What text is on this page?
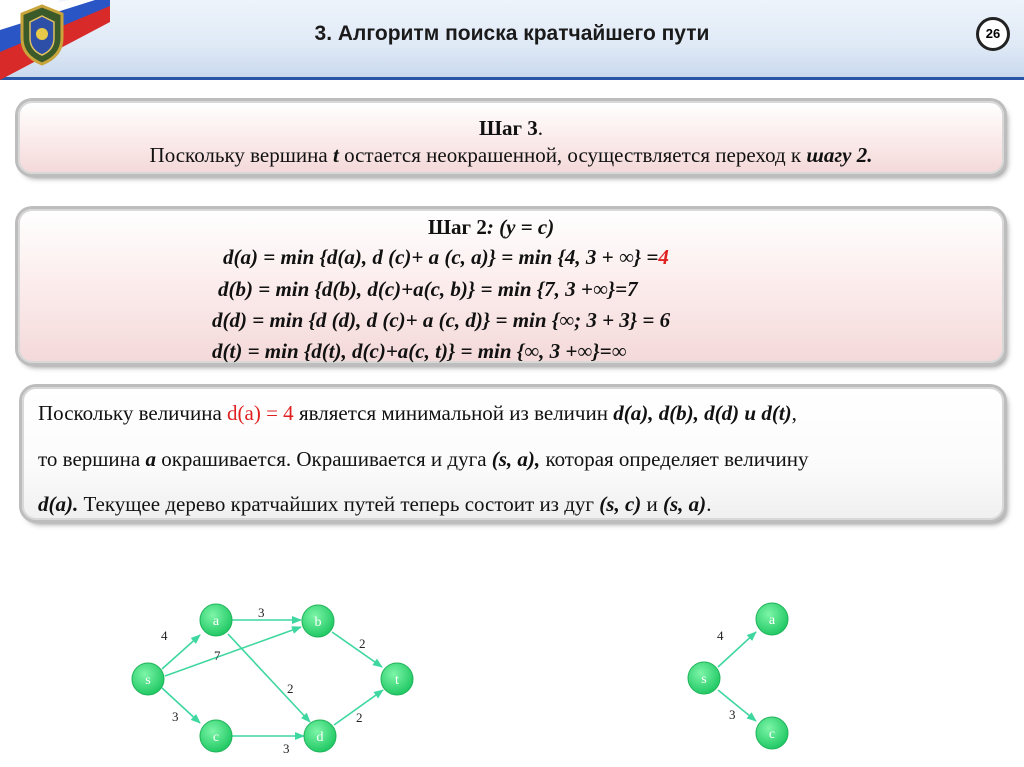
3. Алгоритм поиска кратчайшего пути	26
Шаг 3.
Поскольку вершина t остается неокрашенной, осуществляется переход к шагу 2.
Шаг 2: (y = c)
d(a) = min {d(a), d (c)+ a (c, a)} = min {4, 3 + ∞} =4
d(b) = min {d(b), d(c)+a(c, b)} = min {7, 3 +∞}=7
d(d) = min {d (d), d (c)+ a (c, d)} = min {∞; 3 + 3} = 6
d(t) = min {d(t), d(c)+a(c, t)} = min {∞, 3 +∞}=∞
Поскольку величина d(a) = 4 является минимальной из величин d(a), d(b), d(d) и d(t),
то вершина a окрашивается. Окрашивается и дуга (s, a), которая определяет величину
d(a). Текущее дерево кратчайших путей теперь состоит из дуг (s, c) и (s, a).
4
7
3
3
2
2
3
2
4
3
s
a	b
c	d
t	s
a
c
